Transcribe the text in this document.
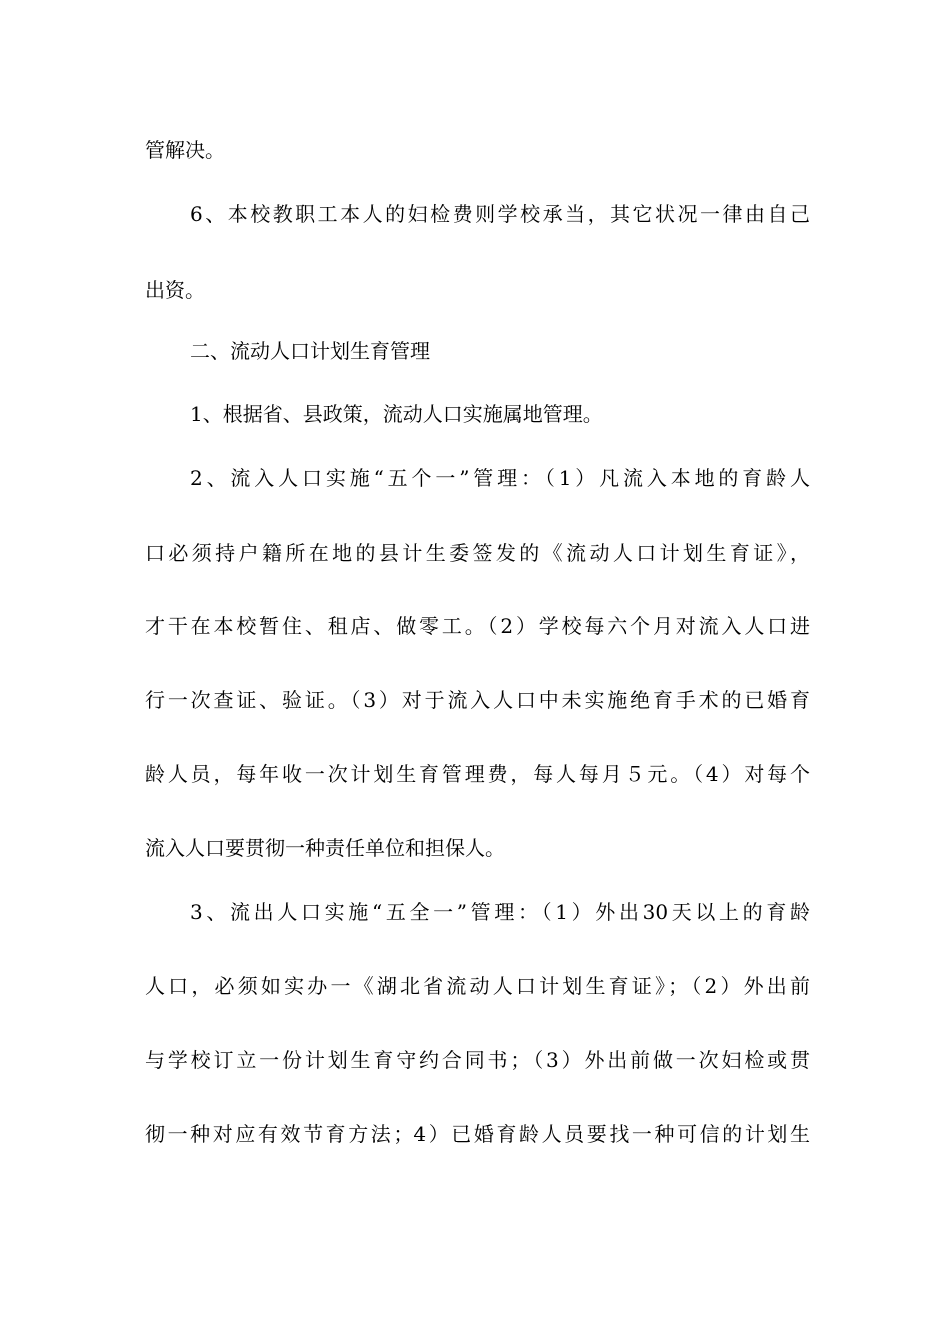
管解决。
6、本校教职工本人的妇检费则学校承当，其它状况一律由自己
出资。
二、流动人口计划生育管理
1、根据省、县政策，流动人口实施属地管理。
2、流入人口实施“五个一”管理：（1）凡流入本地的育龄人
口必须持户籍所在地的县计生委签发的《流动人口计划生育证》，
才干在本校暂住、租店、做零工。（2）学校每六个月对流入人口进
行一次查证、验证。（3）对于流入人口中未实施绝育手术的已婚育
龄人员，每年收一次计划生育管理费，每人每月５元。（4）对每个
流入人口要贯彻一种责任单位和担保人。
3、流出人口实施“五全一”管理：（1）外出30天以上的育龄
人口，必须如实办一《湖北省流动人口计划生育证》；（2）外出前
与学校订立一份计划生育守约合同书；（3）外出前做一次妇检或贯
彻一种对应有效节育方法；4）已婚育龄人员要找一种可信的计划生
